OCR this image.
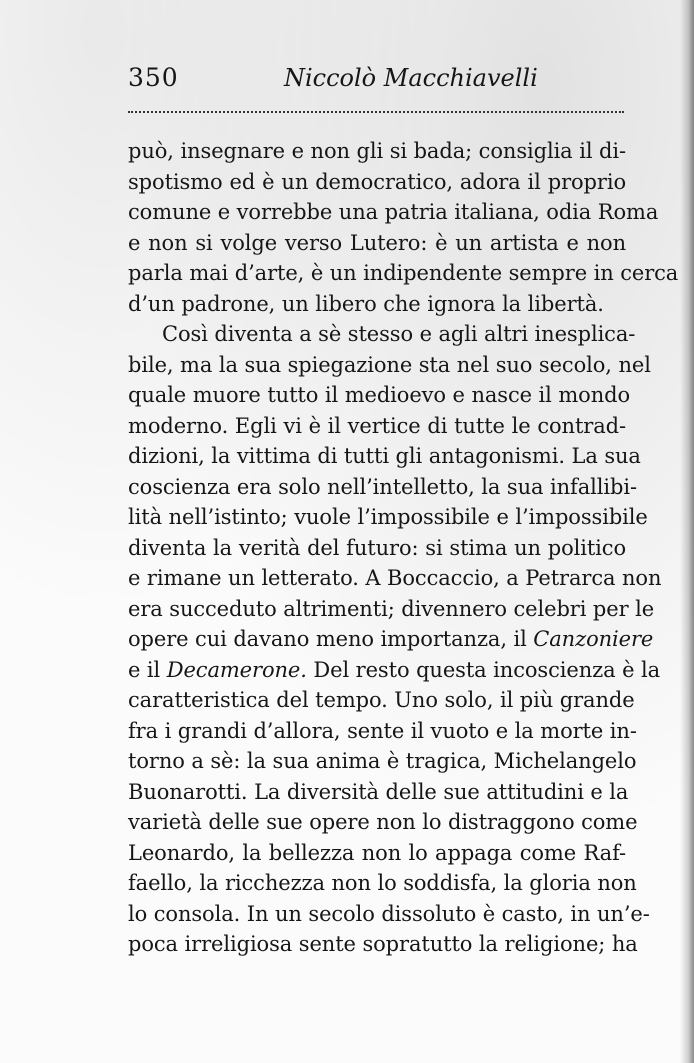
350	Niccolò Macchiavelli
può, insegnare e non gli si bada; consiglia il di-
spotismo ed è un democratico, adora il proprio
comune e vorrebbe una patria italiana, odia Roma
e non si volge verso Lutero: è un artista e non
parla mai d’arte, è un indipendente sempre in cerca
d’un padrone, un libero che ignora la libertà.
Così diventa a sè stesso e agli altri inesplica-
bile, ma la sua spiegazione sta nel suo secolo, nel
quale muore tutto il medioevo e nasce il mondo
moderno. Egli vi è il vertice di tutte le contrad-
dizioni, la vittima di tutti gli antagonismi. La sua
coscienza era solo nell’intelletto, la sua infallibi-
lità nell’istinto; vuole l’impossibile e l’impossibile
diventa la verità del futuro: si stima un politico
e rimane un letterato. A Boccaccio, a Petrarca non
era succeduto altrimenti; divennero celebri per le
opere cui davano meno importanza, il Canzoniere
e il Decamerone. Del resto questa incoscienza è la
caratteristica del tempo. Uno solo, il più grande
fra i grandi d’allora, sente il vuoto e la morte in-
torno a sè: la sua anima è tragica, Michelangelo
Buonarotti. La diversità delle sue attitudini e la
varietà delle sue opere non lo distraggono come
Leonardo, la bellezza non lo appaga come Raf-
faello, la ricchezza non lo soddisfa, la gloria non
lo consola. In un secolo dissoluto è casto, in un’e-
poca irreligiosa sente sopratutto la religione; ha
